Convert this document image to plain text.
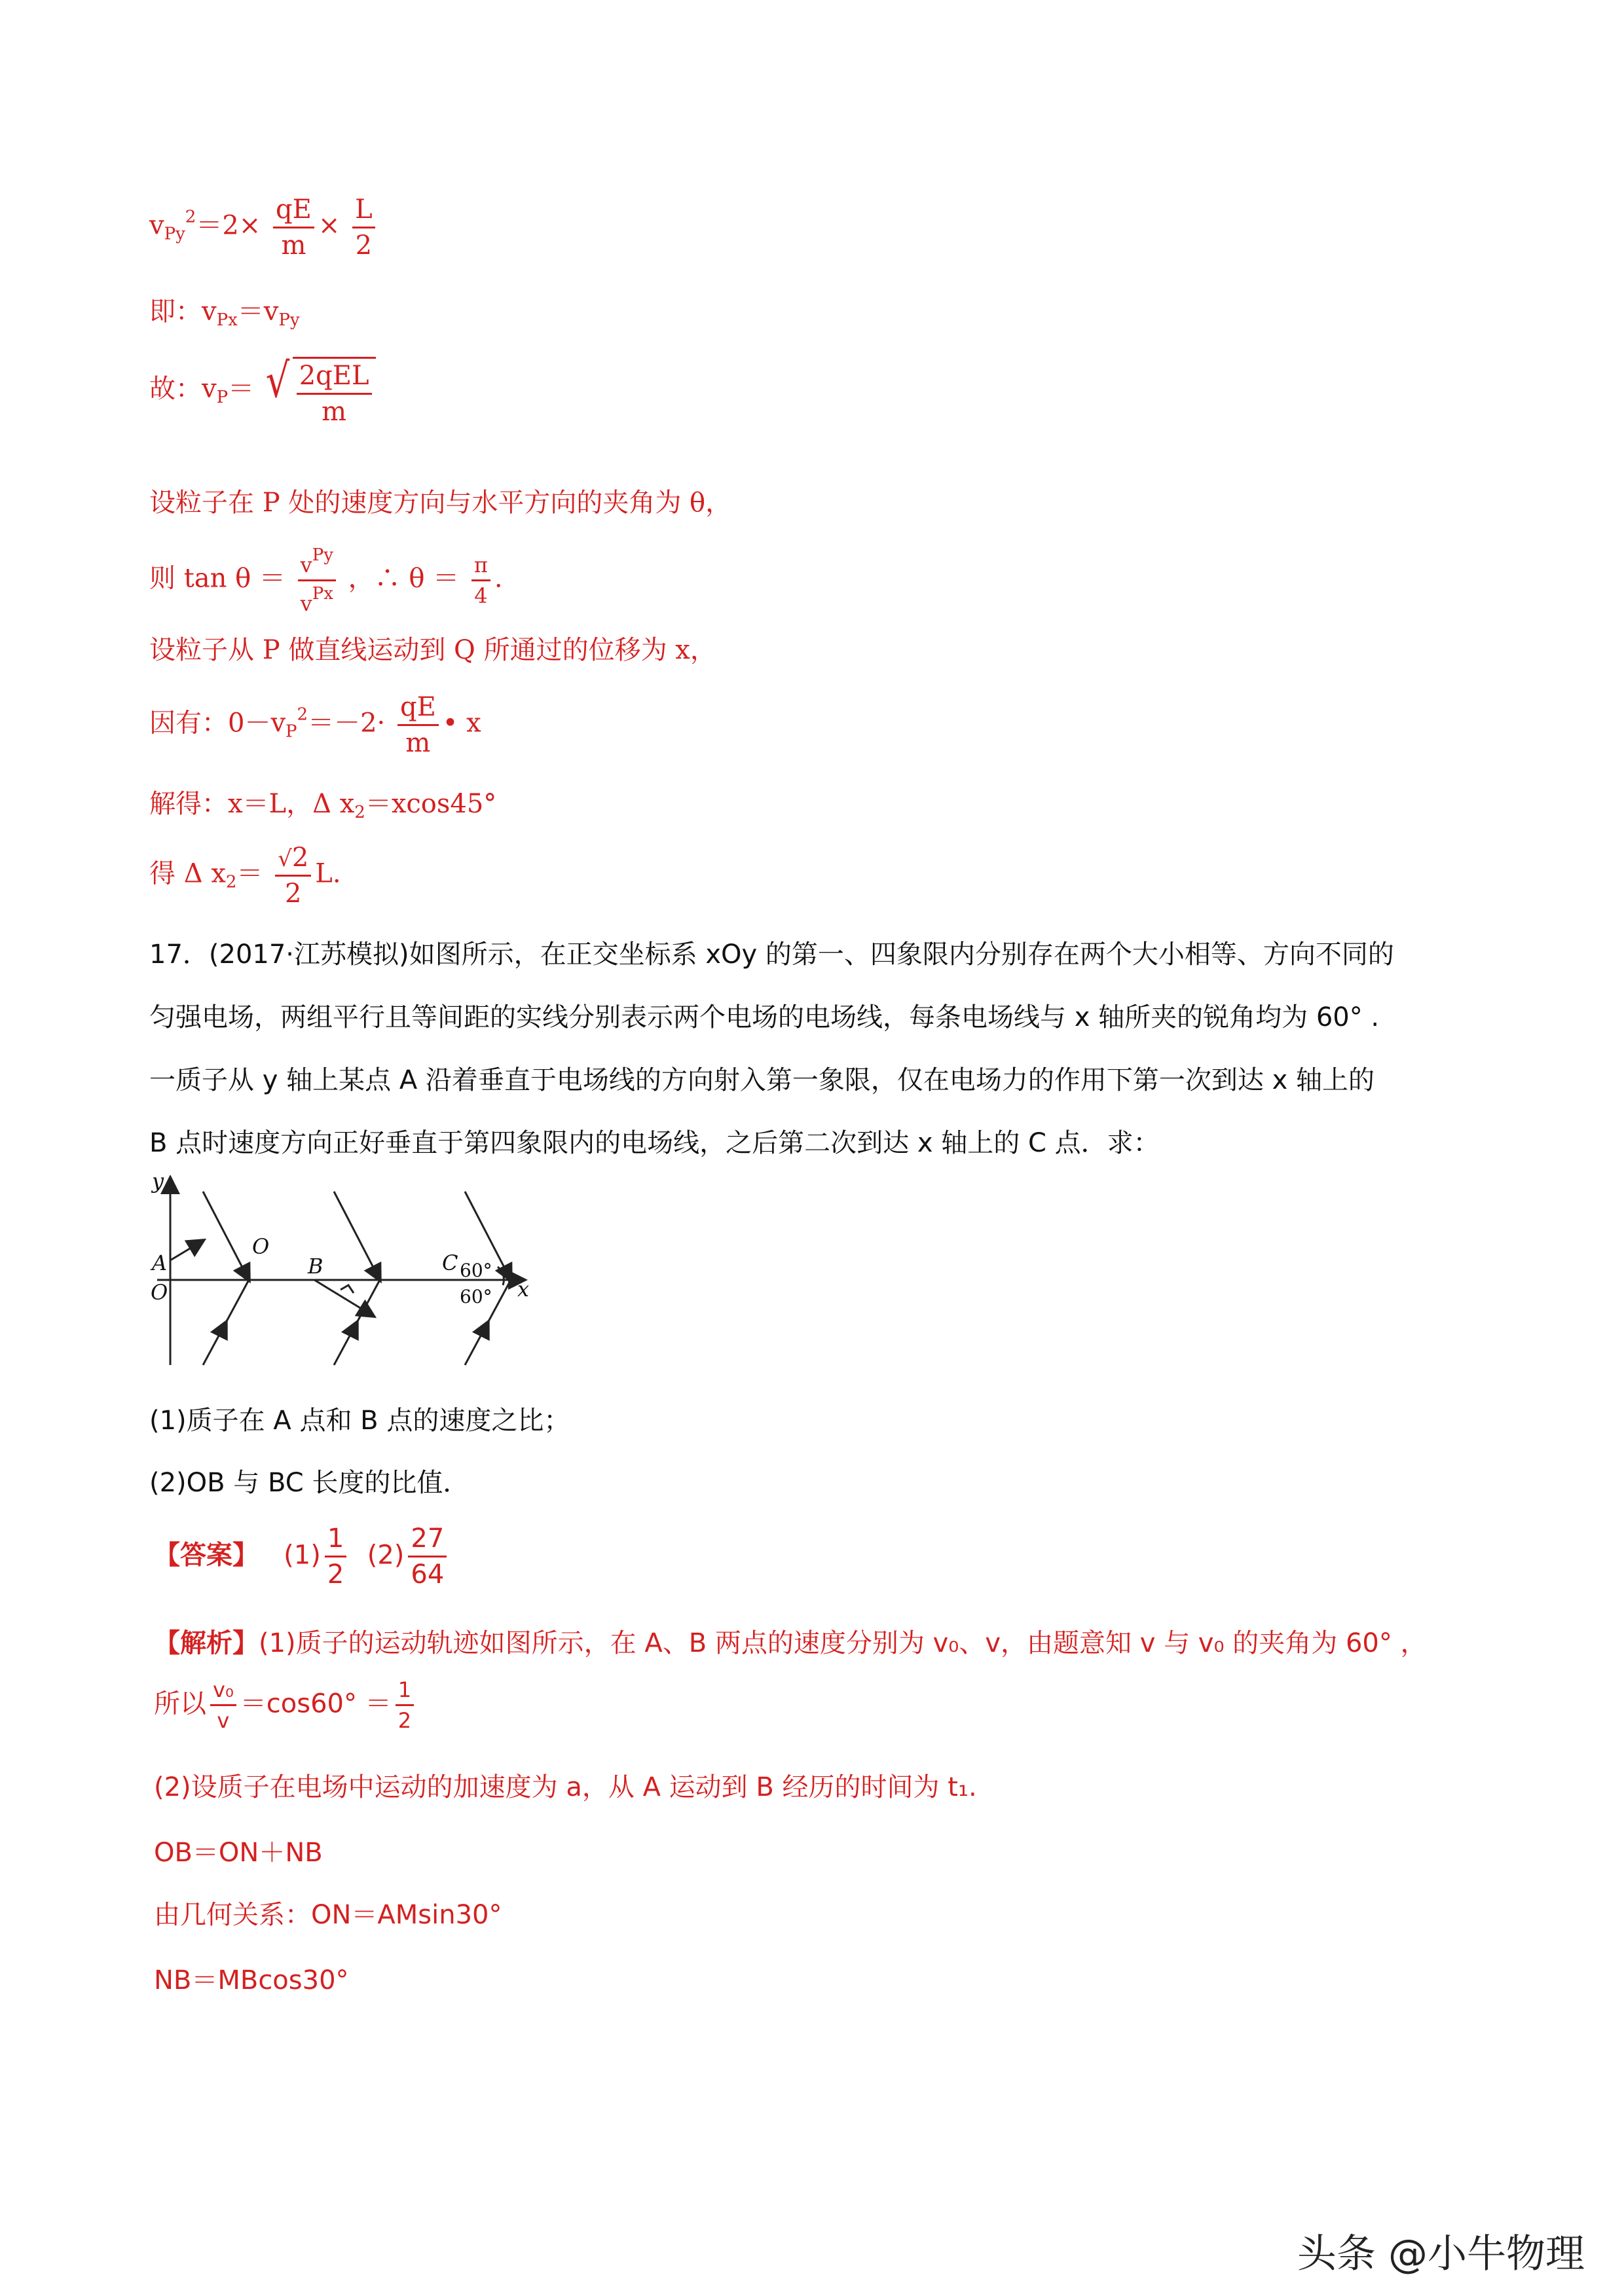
$v_{Py}^2=2\times \frac{qE}{m} \times \frac{L}{2}$
即：$v_{Px}=v_{Py}$
故：$v_P=$ √ $\frac{\text{2qEL}}{m}$
设粒子在 P 处的速度方向与水平方向的夹角为 θ，
则 $\tan \theta = \frac{v^{Py}}{v^{Px}}$ ，∴ $\theta = \frac{\pi}{4}$ .
设粒子从 P 做直线运动到 Q 所通过的位移为 x，
因有：$0-v_P^2=-2\cdot \frac{qE}{m}$ • x
解得：x＝L，Δ $x_2=xcos45^\circ$
得 Δ $x_2= \frac{√2}{2} L$.
17．(2017·江苏模拟)如图所示，在正交坐标系 xOy 的第一、四象限内分别存在两个大小相等、方向不同的
匀强电场，两组平行且等间距的实线分别表示两个电场的电场线，每条电场线与 x 轴所夹的锐角均为 60° .
一质子从 y 轴上某点 A 沿着垂直于电场线的方向射入第一象限，仅在电场力的作用下第一次到达 x 轴上的
B 点时速度方向正好垂直于第四象限内的电场线，之后第二次到达 x 轴上的 C 点．求：
y
A
O
O
B	C 60°
60° x
(1)质子在 A 点和 B 点的速度之比；
(2)OB 与 BC 长度的比值．
【答案】 $(1) \frac{1}{2} (2) \frac{27}{64}$
【解析】(1)质子的运动轨迹如图所示，在 A、B 两点的速度分别为 v₀、v，由题意知 v 与 v₀ 的夹角为 60° ，
所以 $\frac{\text{v₀}}{v} =\cos 60^\circ = \frac{1}{2}$
(2)设质子在电场中运动的加速度为 a，从 A 运动到 B 经历的时间为 t₁.
OB＝ON＋NB
由几何关系：ON＝AMsin30°
NB＝MBcos30°
头条 @小牛物理
